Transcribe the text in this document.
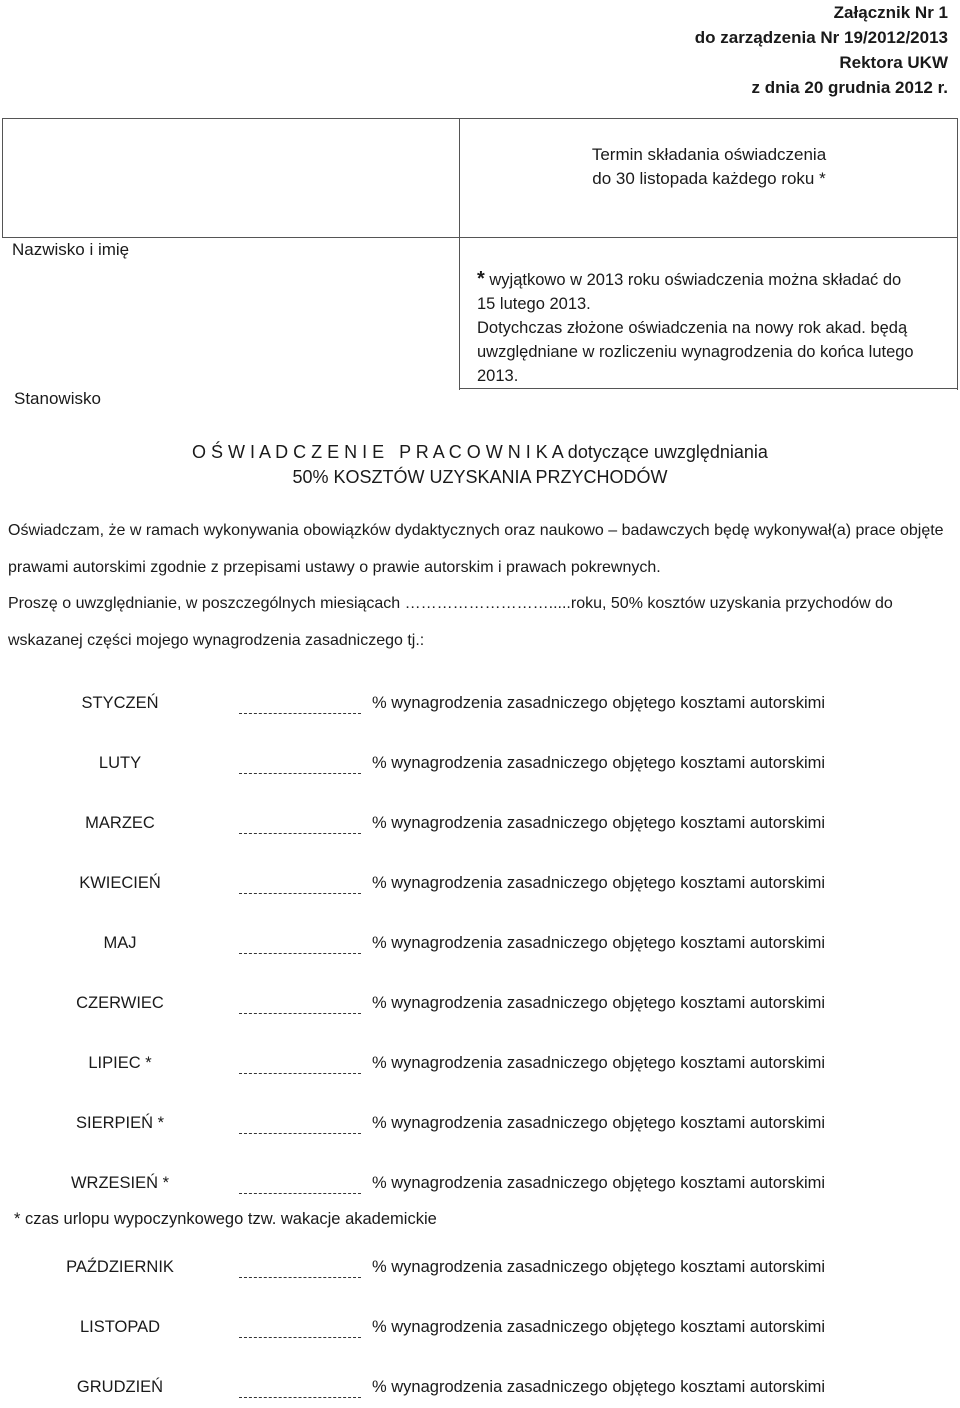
Załącznik Nr 1
do zarządzenia Nr 19/2012/2013
Rektora UKW
z dnia 20 grudnia 2012 r.
Termin składania oświadczenia
do 30 listopada każdego roku *
Nazwisko i imię
Stanowisko
* wyjątkowo w 2013 roku oświadczenia można składać do
15 lutego 2013.
Dotychczas złożone oświadczenia na nowy rok akad. będą uwzględniane w rozliczeniu wynagrodzenia do końca lutego 2013.
O Ś W I A D C Z E N I E   P R A C O W N I K A dotyczące uwzględniania
50% KOSZTÓW UZYSKANIA PRZYCHODÓW
Oświadczam, że w ramach wykonywania obowiązków dydaktycznych oraz naukowo – badawczych będę wykonywał(a) prace objęte prawami autorskimi zgodnie z przepisami ustawy o prawie autorskim i prawach pokrewnych.
Proszę o uwzględnianie, w poszczególnych miesiącach ……………………….....roku, 50% kosztów uzyskania przychodów do wskazanej części mojego wynagrodzenia zasadniczego tj.:
STYCZEŃ	% wynagrodzenia zasadniczego objętego kosztami autorskimi
LUTY	% wynagrodzenia zasadniczego objętego kosztami autorskimi
MARZEC	% wynagrodzenia zasadniczego objętego kosztami autorskimi
KWIECIEŃ	% wynagrodzenia zasadniczego objętego kosztami autorskimi
MAJ	% wynagrodzenia zasadniczego objętego kosztami autorskimi
CZERWIEC	% wynagrodzenia zasadniczego objętego kosztami autorskimi
LIPIEC *	% wynagrodzenia zasadniczego objętego kosztami autorskimi
SIERPIEŃ *	% wynagrodzenia zasadniczego objętego kosztami autorskimi
WRZESIEŃ *	% wynagrodzenia zasadniczego objętego kosztami autorskimi
* czas urlopu wypoczynkowego tzw. wakacje akademickie
PAŹDZIERNIK	% wynagrodzenia zasadniczego objętego kosztami autorskimi
LISTOPAD	% wynagrodzenia zasadniczego objętego kosztami autorskimi
GRUDZIEŃ	% wynagrodzenia zasadniczego objętego kosztami autorskimi
